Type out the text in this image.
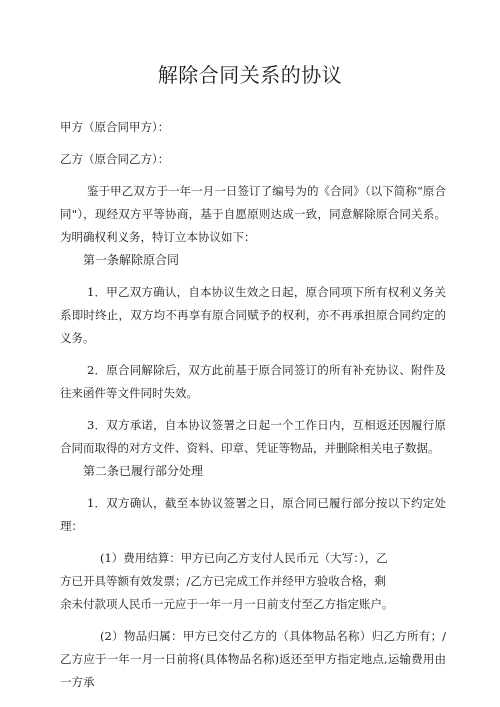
解除合同关系的协议

甲方（原合同甲方）：

乙方（原合同乙方）：

鉴于甲乙双方于一年一月一日签订了编号为的《合同》（以下简称“原合同"），现经双方平等协商，基于自愿原则达成一致，同意解除原合同关系。为明确权利义务，特订立本协议如下：

第一条解除原合同

1．甲乙双方确认，自本协议生效之日起，原合同项下所有权利义务关系即时终止，双方均不再享有原合同赋予的权利，亦不再承担原合同约定的义务。

2．原合同解除后，双方此前基于原合同签订的所有补充协议、附件及往来函件等文件同时失效。

3．双方承诺，自本协议签署之日起一个工作日内，互相返还因履行原合同而取得的对方文件、资料、印章、凭证等物品，并删除相关电子数据。

第二条已履行部分处理

1．双方确认，截至本协议签署之日，原合同已履行部分按以下约定处理：

(1）费用结算：甲方已向乙方支付人民币元（大写：），乙
方已开具等额有效发票；/乙方已完成工作并经甲方验收合格，剩
余未付款项人民币一元应于一年一月一日前支付至乙方指定账户。

(2）物品归属：甲方已交付乙方的（具体物品名称）归乙方所有；/乙方应于一年一月一日前将(具体物品名称)返还至甲方指定地点,运输费用由一方承
